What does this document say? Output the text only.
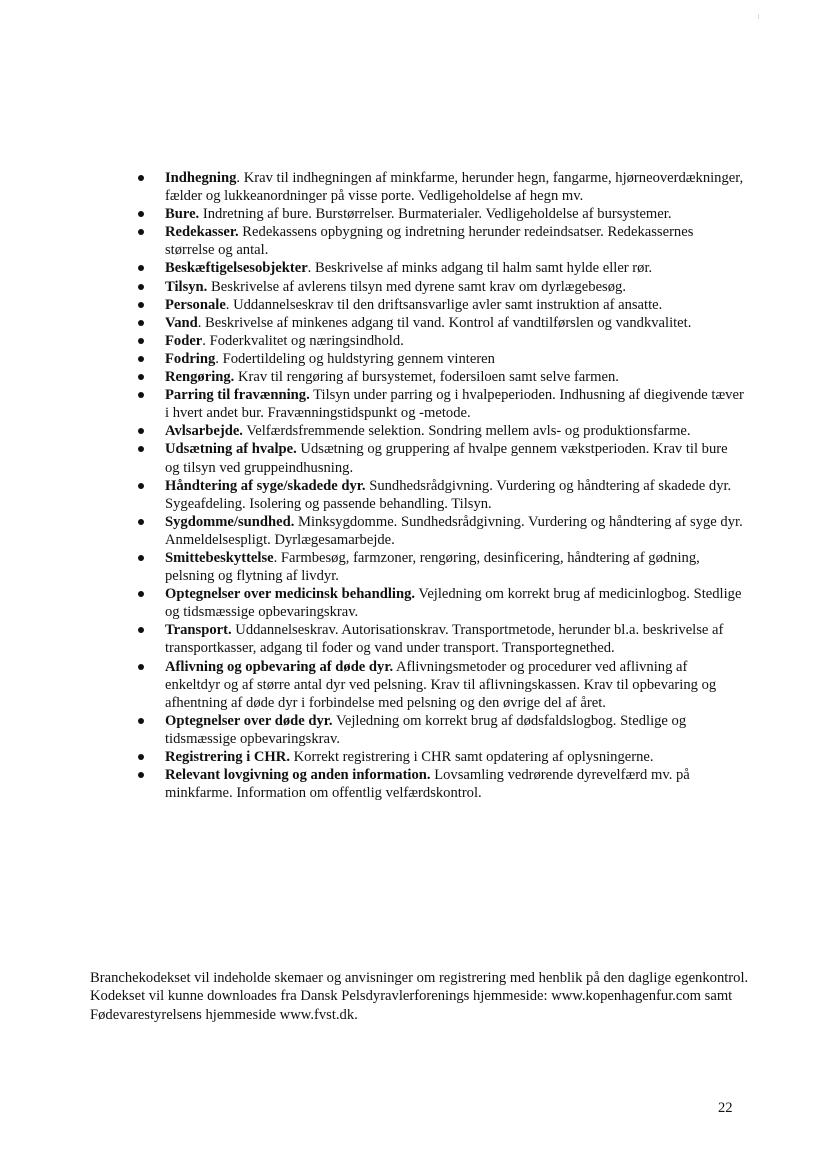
Indhegning. Krav til indhegningen af minkfarme, herunder hegn, fangarme, hjørneoverdækninger, fælder og lukkeanordninger på visse porte. Vedligeholdelse af hegn mv.
Bure. Indretning af bure. Burstørrelser. Burmaterialer. Vedligeholdelse af bursystemer.
Redekasser. Redekassens opbygning og indretning herunder redeindsatser. Redekassernes størrelse og antal.
Beskæftigelsesobjekter. Beskrivelse af minks adgang til halm samt hylde eller rør.
Tilsyn. Beskrivelse af avlerens tilsyn med dyrene samt krav om dyrlægebesøg.
Personale. Uddannelseskrav til den driftsansvarlige avler samt instruktion af ansatte.
Vand. Beskrivelse af minkenes adgang til vand. Kontrol af vandtilførslen og vandkvalitet.
Foder. Foderkvalitet og næringsindhold.
Fodring. Fodertildeling og huldstyring gennem vinteren
Rengøring. Krav til rengøring af bursystemet, fodersiloen samt selve farmen.
Parring til fravænning. Tilsyn under parring og i hvalpeperioden. Indhusning af diegivende tæver i hvert andet bur. Fravænningstidspunkt og -metode.
Avlsarbejde. Velfærdsfremmende selektion. Sondring mellem avls- og produktionsfarme.
Udsætning af hvalpe. Udsætning og gruppering af hvalpe gennem vækstperioden. Krav til bure og tilsyn ved gruppeindhusning.
Håndtering af syge/skadede dyr. Sundhedsrådgivning. Vurdering og håndtering af skadede dyr. Sygeafdeling. Isolering og passende behandling. Tilsyn.
Sygdomme/sundhed. Minksygdomme. Sundhedsrådgivning. Vurdering og håndtering af syge dyr. Anmeldelsespligt. Dyrlægesamarbejde.
Smittebeskyttelse. Farmbesøg, farmzoner, rengøring, desinficering, håndtering af gødning, pelsning og flytning af livdyr.
Optegnelser over medicinsk behandling. Vejledning om korrekt brug af medicinlogbog. Stedlige og tidsmæssige opbevaringskrav.
Transport. Uddannelseskrav. Autorisationskrav. Transportmetode, herunder bl.a. beskrivelse af transportkasser, adgang til foder og vand under transport. Transportegnethed.
Aflivning og opbevaring af døde dyr. Aflivningsmetoder og procedurer ved aflivning af enkeltdyr og af større antal dyr ved pelsning. Krav til aflivningskassen. Krav til opbevaring og afhentning af døde dyr i forbindelse med pelsning og den øvrige del af året.
Optegnelser over døde dyr. Vejledning om korrekt brug af dødsfaldslogbog. Stedlige og tidsmæssige opbevaringskrav.
Registrering i CHR. Korrekt registrering i CHR samt opdatering af oplysningerne.
Relevant lovgivning og anden information. Lovsamling vedrørende dyrevelfærd mv. på minkfarme. Information om offentlig velfærdskontrol.

Branchekodekset vil indeholde skemaer og anvisninger om registrering med henblik på den daglige egenkontrol. Kodekset vil kunne downloades fra Dansk Pelsdyravlerforenings hjemmeside: www.kopenhagenfur.com samt Fødevarestyrelsens hjemmeside www.fvst.dk.

22
